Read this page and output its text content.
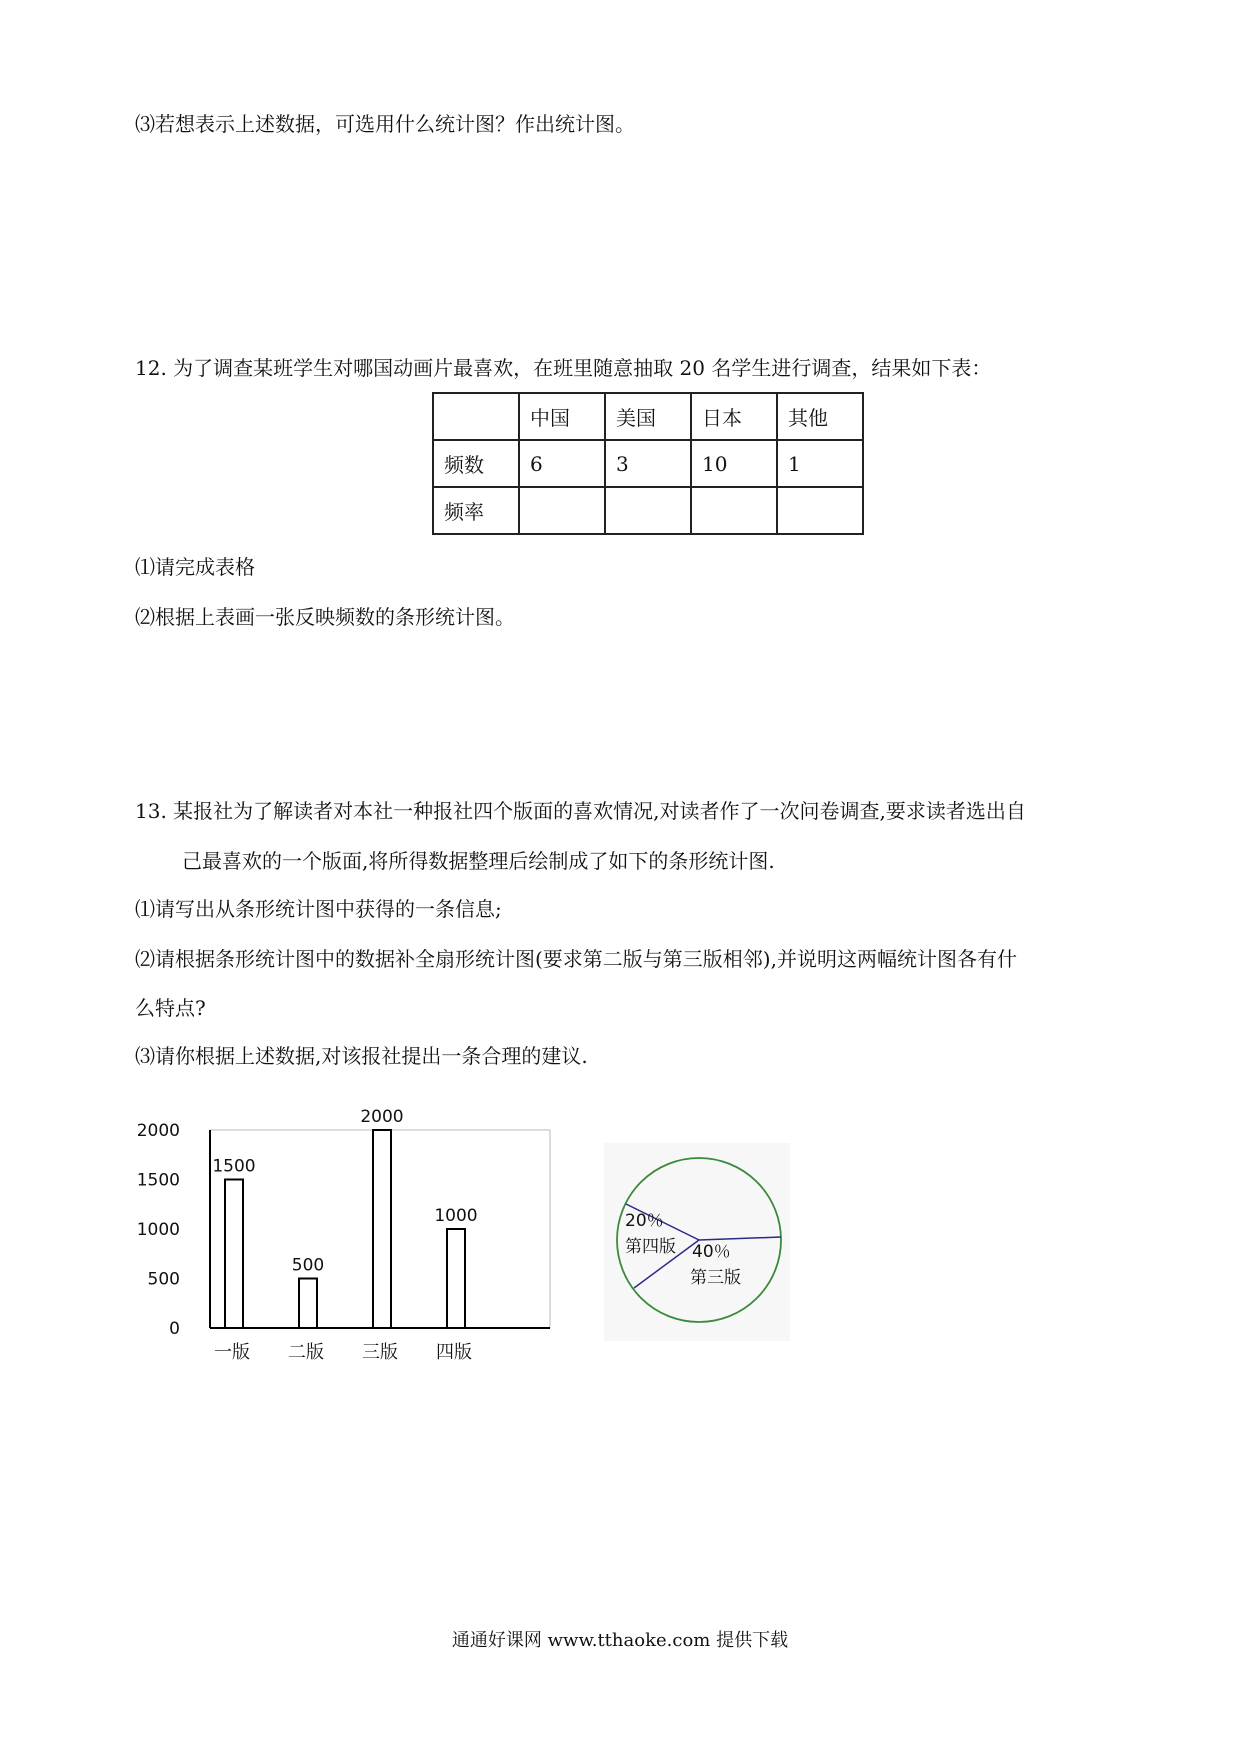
⑶若想表示上述数据，可选用什么统计图？作出统计图。
12. 为了调查某班学生对哪国动画片最喜欢，在班里随意抽取 20 名学生进行调查，结果如下表：
	中国	美国	日本	其他
频数	6	3	10	1
频率				
⑴请完成表格
⑵根据上表画一张反映频数的条形统计图。
13. 某报社为了解读者对本社一种报社四个版面的喜欢情况,对读者作了一次问卷调查,要求读者选出自
己最喜欢的一个版面,将所得数据整理后绘制成了如下的条形统计图.
⑴请写出从条形统计图中获得的一条信息;
⑵请根据条形统计图中的数据补全扇形统计图(要求第二版与第三版相邻),并说明这两幅统计图各有什
么特点?
⑶请你根据上述数据,对该报社提出一条合理的建议.
0
500
1000
1500
2000
1500
500
2000
1000
一版 二版 三版 四版
20％
第四版 40％
第三版
通通好课网 www.tthaoke.com 提供下载
